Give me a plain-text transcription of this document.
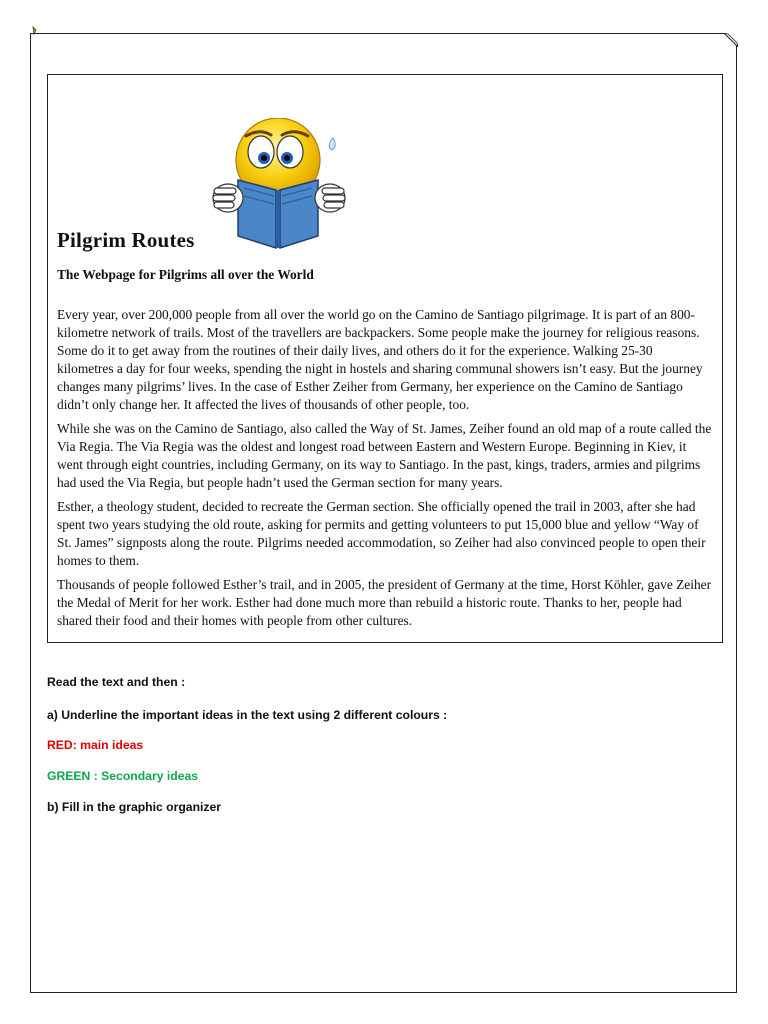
Pilgrim Routes
The Webpage for Pilgrims all over the World

Every year, over 200,000 people from all over the world go on the Camino de Santiago pilgrimage. It is part of an 800-kilometre network of trails. Most of the travellers are backpackers. Some people make the journey for religious reasons. Some do it to get away from the routines of their daily lives, and others do it for the experience. Walking 25-30 kilometres a day for four weeks, spending the night in hostels and sharing communal showers isn’t easy. But the journey changes many pilgrims’ lives. In the case of Esther Zeiher from Germany, her experience on the Camino de Santiago didn’t only change her. It affected the lives of thousands of other people, too.

While she was on the Camino de Santiago, also called the Way of St. James, Zeiher found an old map of a route called the Via Regia. The Via Regia was the oldest and longest road between Eastern and Western Europe. Beginning in Kiev, it went through eight countries, including Germany, on its way to Santiago. In the past, kings, traders, armies and pilgrims had used the Via Regia, but people hadn’t used the German section for many years.

Esther, a theology student, decided to recreate the German section. She officially opened the trail in 2003, after she had spent two years studying the old route, asking for permits and getting volunteers to put 15,000 blue and yellow “Way of St. James” signposts along the route. Pilgrims needed accommodation, so Zeiher had also convinced people to open their homes to them.

Thousands of people followed Esther’s trail, and in 2005, the president of Germany at the time, Horst Köhler, gave Zeiher the Medal of Merit for her work. Esther had done much more than rebuild a historic route. Thanks to her, people had shared their food and their homes with people from other cultures.

Read the text and then :
a) Underline the important ideas in the text using 2 different colours :
RED: main ideas
GREEN : Secondary ideas
b) Fill in the graphic organizer
